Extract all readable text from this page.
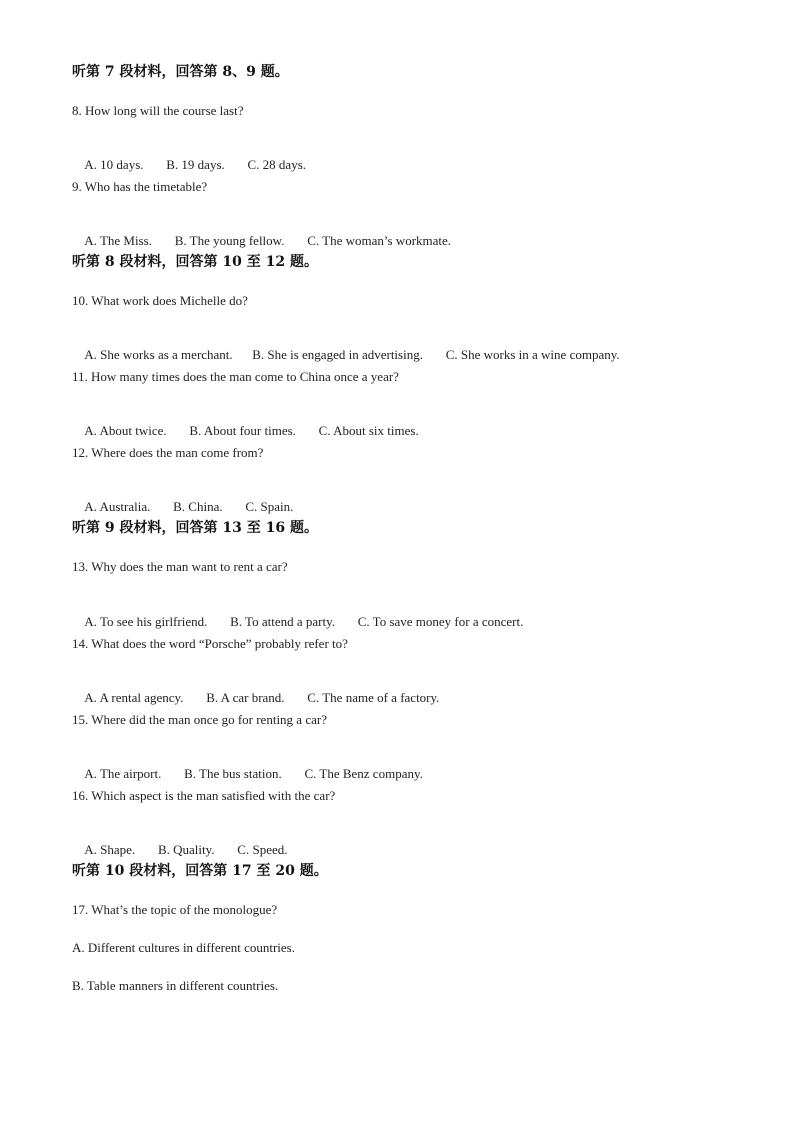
听第 7 段材料，回答第 8、9 题。
8. How long will the course last?

A. 10 days. B. 19 days. C. 28 days.

9. Who has the timetable?

A. The Miss. B. The young fellow. C. The woman’s workmate.

听第 8 段材料，回答第 10 至 12 题。
10. What work does Michelle do?

A. She works as a merchant. B. She is engaged in advertising. C. She works in a wine company.

11. How many times does the man come to China once a year?

A. About twice. B. About four times. C. About six times.

12. Where does the man come from?

A. Australia. B. China. C. Spain.

听第 9 段材料，回答第 13 至 16 题。
13. Why does the man want to rent a car?

A. To see his girlfriend. B. To attend a party. C. To save money for a concert.

14. What does the word “Porsche” probably refer to?

A. A rental agency. B. A car brand. C. The name of a factory.

15. Where did the man once go for renting a car?

A. The airport. B. The bus station. C. The Benz company.

16. Which aspect is the man satisfied with the car?

A. Shape. B. Quality. C. Speed.

听第 10 段材料，回答第 17 至 20 题。
17. What’s the topic of the monologue?
A. Different cultures in different countries.
B. Table manners in different countries.
